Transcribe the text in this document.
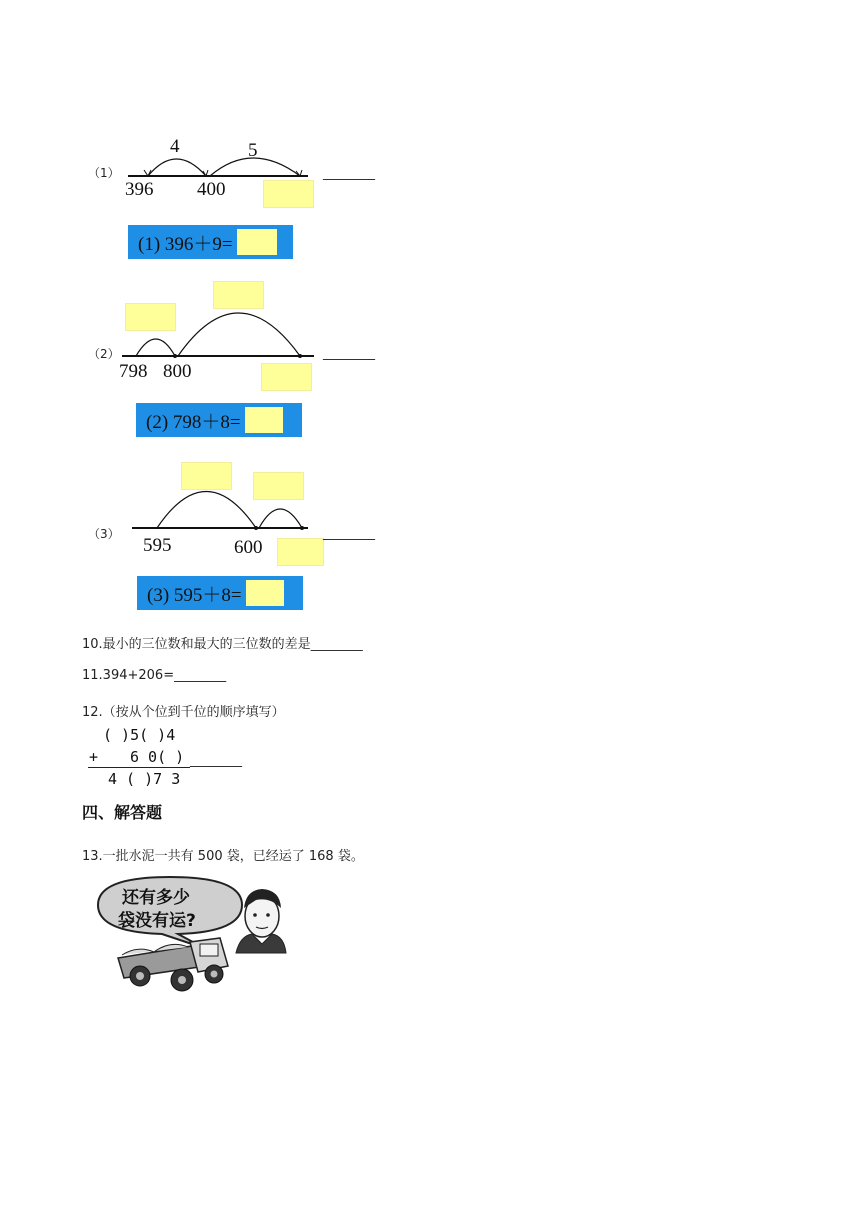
（1）
4	5
396 400
________
(1) 396＋9=
（2）
798 800
________
(2) 798＋8=
（3）
595	600
________
(3) 595＋8=
10.最小的三位数和最大的三位数的差是________
11.394+206=________
12.（按从个位到千位的顺序填写）
( )5( )4
+ 6 0( )
4 ( )7 3
________
四、解答题
13.一批水泥一共有 500 袋，已经运了 168 袋。
还有多少
袋没有运?
